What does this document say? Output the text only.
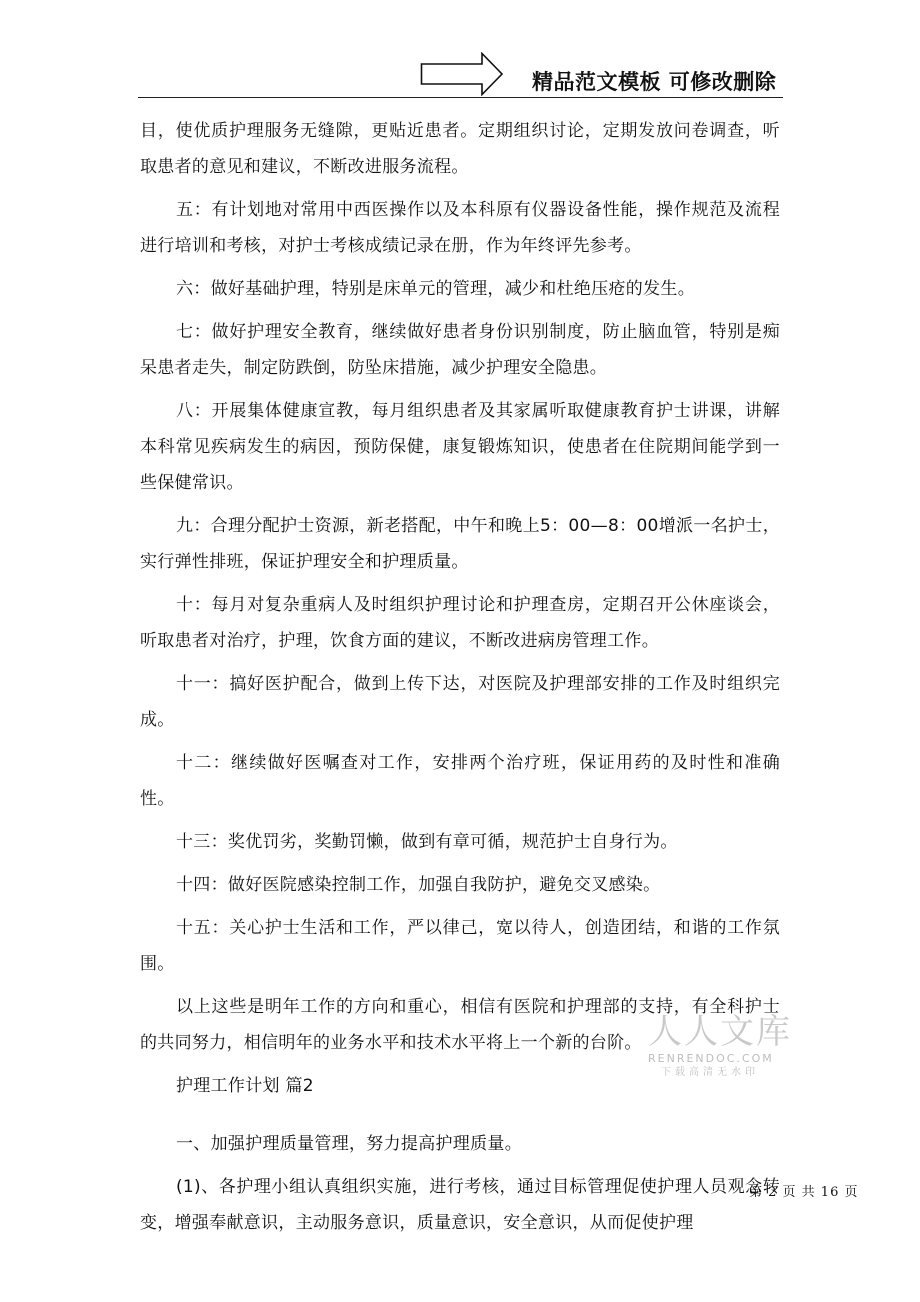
精品范文模板 可修改删除

目，使优质护理服务无缝隙，更贴近患者。定期组织讨论，定期发放问卷调查，听取患者的意见和建议，不断改进服务流程。

五：有计划地对常用中西医操作以及本科原有仪器设备性能，操作规范及流程进行培训和考核，对护士考核成绩记录在册，作为年终评先参考。

六：做好基础护理，特别是床单元的管理，减少和杜绝压疮的发生。

七：做好护理安全教育，继续做好患者身份识别制度，防止脑血管，特别是痴呆患者走失，制定防跌倒，防坠床措施，减少护理安全隐患。

八：开展集体健康宣教，每月组织患者及其家属听取健康教育护士讲课，讲解本科常见疾病发生的病因，预防保健，康复锻炼知识，使患者在住院期间能学到一些保健常识。

九：合理分配护士资源，新老搭配，中午和晚上5：00—8：00增派一名护士，实行弹性排班，保证护理安全和护理质量。

十：每月对复杂重病人及时组织护理讨论和护理查房，定期召开公休座谈会，听取患者对治疗，护理，饮食方面的建议，不断改进病房管理工作。

十一：搞好医护配合，做到上传下达，对医院及护理部安排的工作及时组织完成。

十二：继续做好医嘱查对工作，安排两个治疗班，保证用药的及时性和准确性。

十三：奖优罚劣，奖勤罚懒，做到有章可循，规范护士自身行为。

十四：做好医院感染控制工作，加强自我防护，避免交叉感染。

十五：关心护士生活和工作，严以律己，宽以待人，创造团结，和谐的工作氛围。

以上这些是明年工作的方向和重心，相信有医院和护理部的支持，有全科护士的共同努力，相信明年的业务水平和技术水平将上一个新的台阶。

护理工作计划 篇2

一、加强护理质量管理，努力提高护理质量。

(1)、各护理小组认真组织实施，进行考核，通过目标管理促使护理人员观念转变，增强奉献意识，主动服务意识，质量意识，安全意识，从而促使护理

人人文库
RENRENDOC.COM
下载高清无水印
第 2 页 共 16 页
